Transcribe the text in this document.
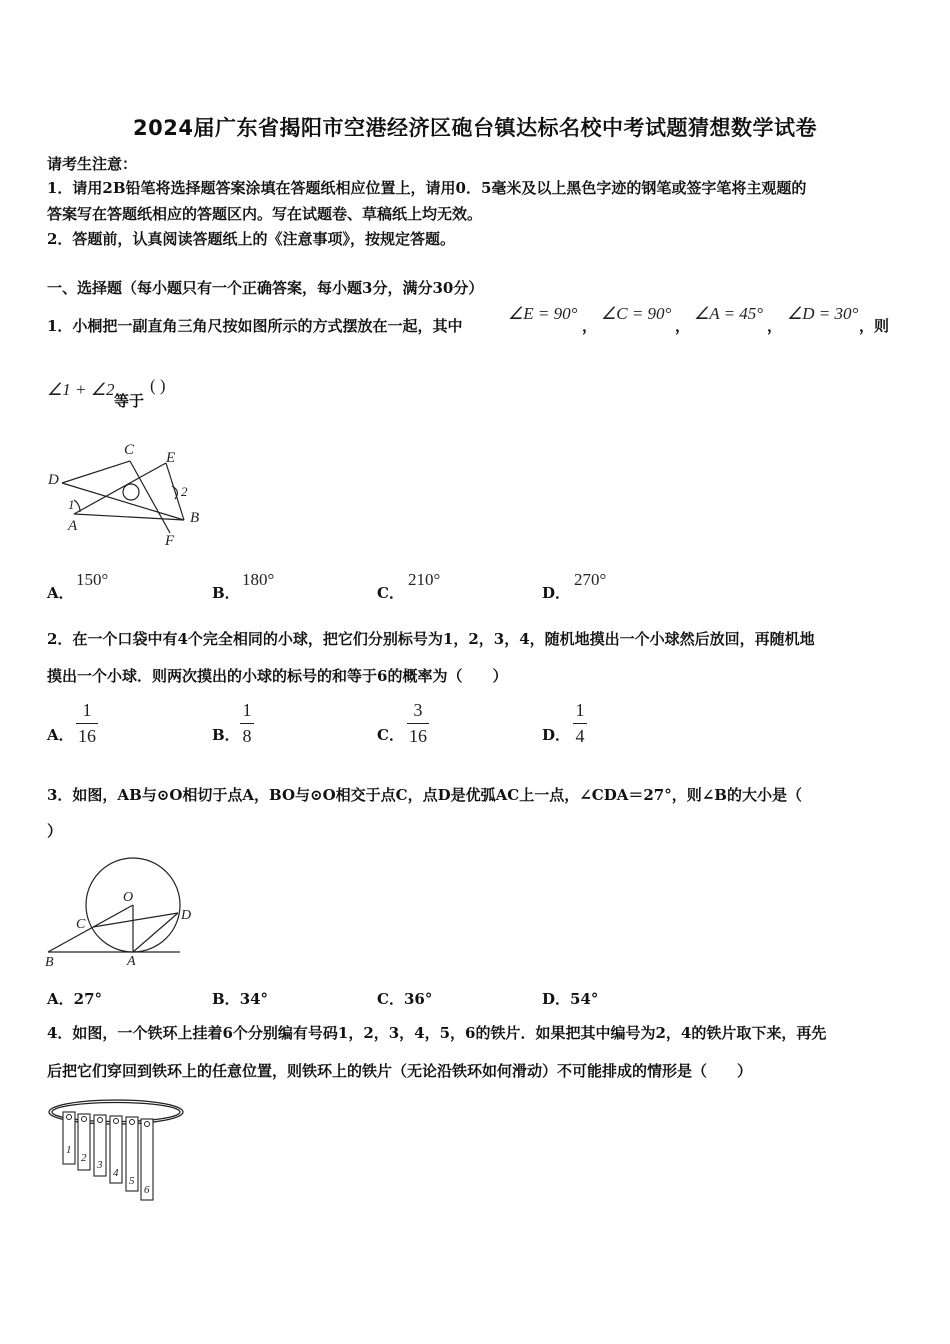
2024届广东省揭阳市空港经济区砲台镇达标名校中考试题猜想数学试卷
请考生注意：
1．请用2B铅笔将选择题答案涂填在答题纸相应位置上，请用0．5毫米及以上黑色字迹的钢笔或签字笔将主观题的
答案写在答题纸相应的答题区内。写在试题卷、草稿纸上均无效。
2．答题前，认真阅读答题纸上的《注意事项》，按规定答题。
一、选择题（每小题只有一个正确答案，每小题3分，满分30分）
1．小桐把一副直角三角尺按如图所示的方式摆放在一起，其中
∠E = 90°
，
∠C = 90°
，
∠A = 45°
，
∠D = 30°
，则
∠1 + ∠2
等于
( )
C E
D
1
2
A	B
F
A．
150°
B．
180°
C．
210°
D．
270°
2．在一个口袋中有4个完全相同的小球，把它们分别标号为1，2，3，4，随机地摸出一个小球然后放回，再随机地
摸出一个小球．则两次摸出的小球的标号的和等于6的概率为（　　）
A．
1
16	B．
1
8	C．
3
16	D．
1
4
3．如图，AB与⊙O相切于点A，BO与⊙O相交于点C，点D是优弧AC上一点，∠CDA＝27°，则∠B的大小是（
）
O
C
D
B	A
A．27°	B．34°	C．36°	D．54°
4．如图，一个铁环上挂着6个分别编有号码1，2，3，4，5，6的铁片．如果把其中编号为2，4的铁片取下来，再先
后把它们穿回到铁环上的任意位置，则铁环上的铁片（无论沿铁环如何滑动）不可能排成的情形是（　　）
1
2
3
4
5
6
